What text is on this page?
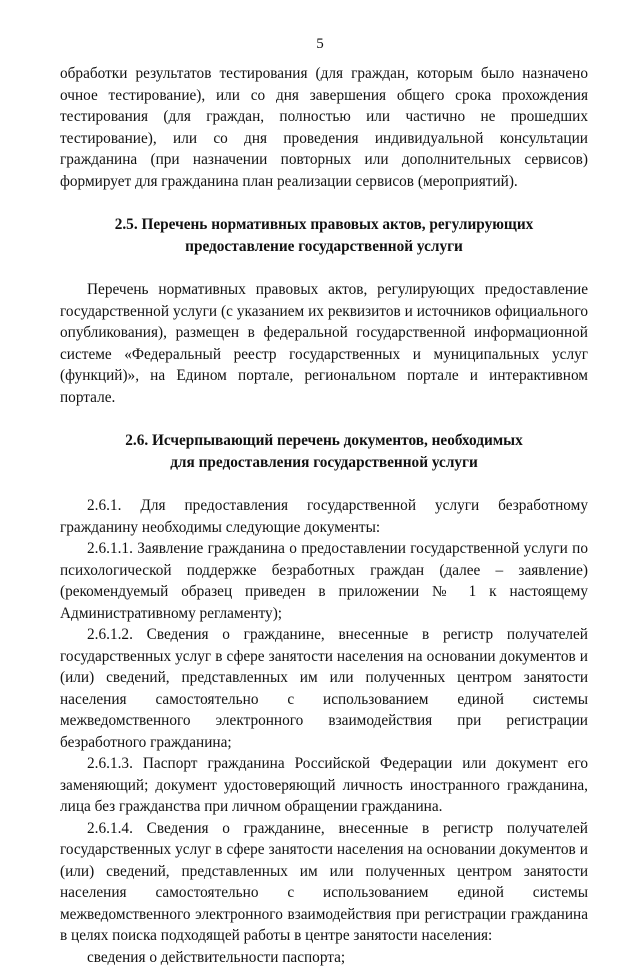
5

обработки результатов тестирования (для граждан, которым было назначено очное тестирование), или со дня завершения общего срока прохождения тестирования (для граждан, полностью или частично не прошедших тестирование), или со дня проведения индивидуальной консультации гражданина (при назначении повторных или дополнительных сервисов) формирует для гражданина план реализации сервисов (мероприятий).

2.5. Перечень нормативных правовых актов, регулирующих
предоставление государственной услуги

Перечень нормативных правовых актов, регулирующих предоставление государственной услуги (с указанием их реквизитов и источников официального опубликования), размещен в федеральной государственной информационной системе «Федеральный реестр государственных и муниципальных услуг (функций)», на Едином портале, региональном портале и интерактивном портале.

2.6. Исчерпывающий перечень документов, необходимых
для предоставления государственной услуги

2.6.1. Для предоставления государственной услуги безработному гражданину необходимы следующие документы:

2.6.1.1. Заявление гражданина о предоставлении государственной услуги по психологической поддержке безработных граждан (далее – заявление) (рекомендуемый образец приведен в приложении № 1 к настоящему Административному регламенту);

2.6.1.2. Сведения о гражданине, внесенные в регистр получателей государственных услуг в сфере занятости населения на основании документов и (или) сведений, представленных им или полученных центром занятости населения самостоятельно с использованием единой системы межведомственного электронного взаимодействия при регистрации безработного гражданина;

2.6.1.3. Паспорт гражданина Российской Федерации или документ его заменяющий; документ удостоверяющий личность иностранного гражданина, лица без гражданства при личном обращении гражданина.

2.6.1.4. Сведения о гражданине, внесенные в регистр получателей государственных услуг в сфере занятости населения на основании документов и (или) сведений, представленных им или полученных центром занятости населения самостоятельно с использованием единой системы межведомственного электронного взаимодействия при регистрации гражданина в целях поиска подходящей работы в центре занятости населения:

сведения о действительности паспорта;
